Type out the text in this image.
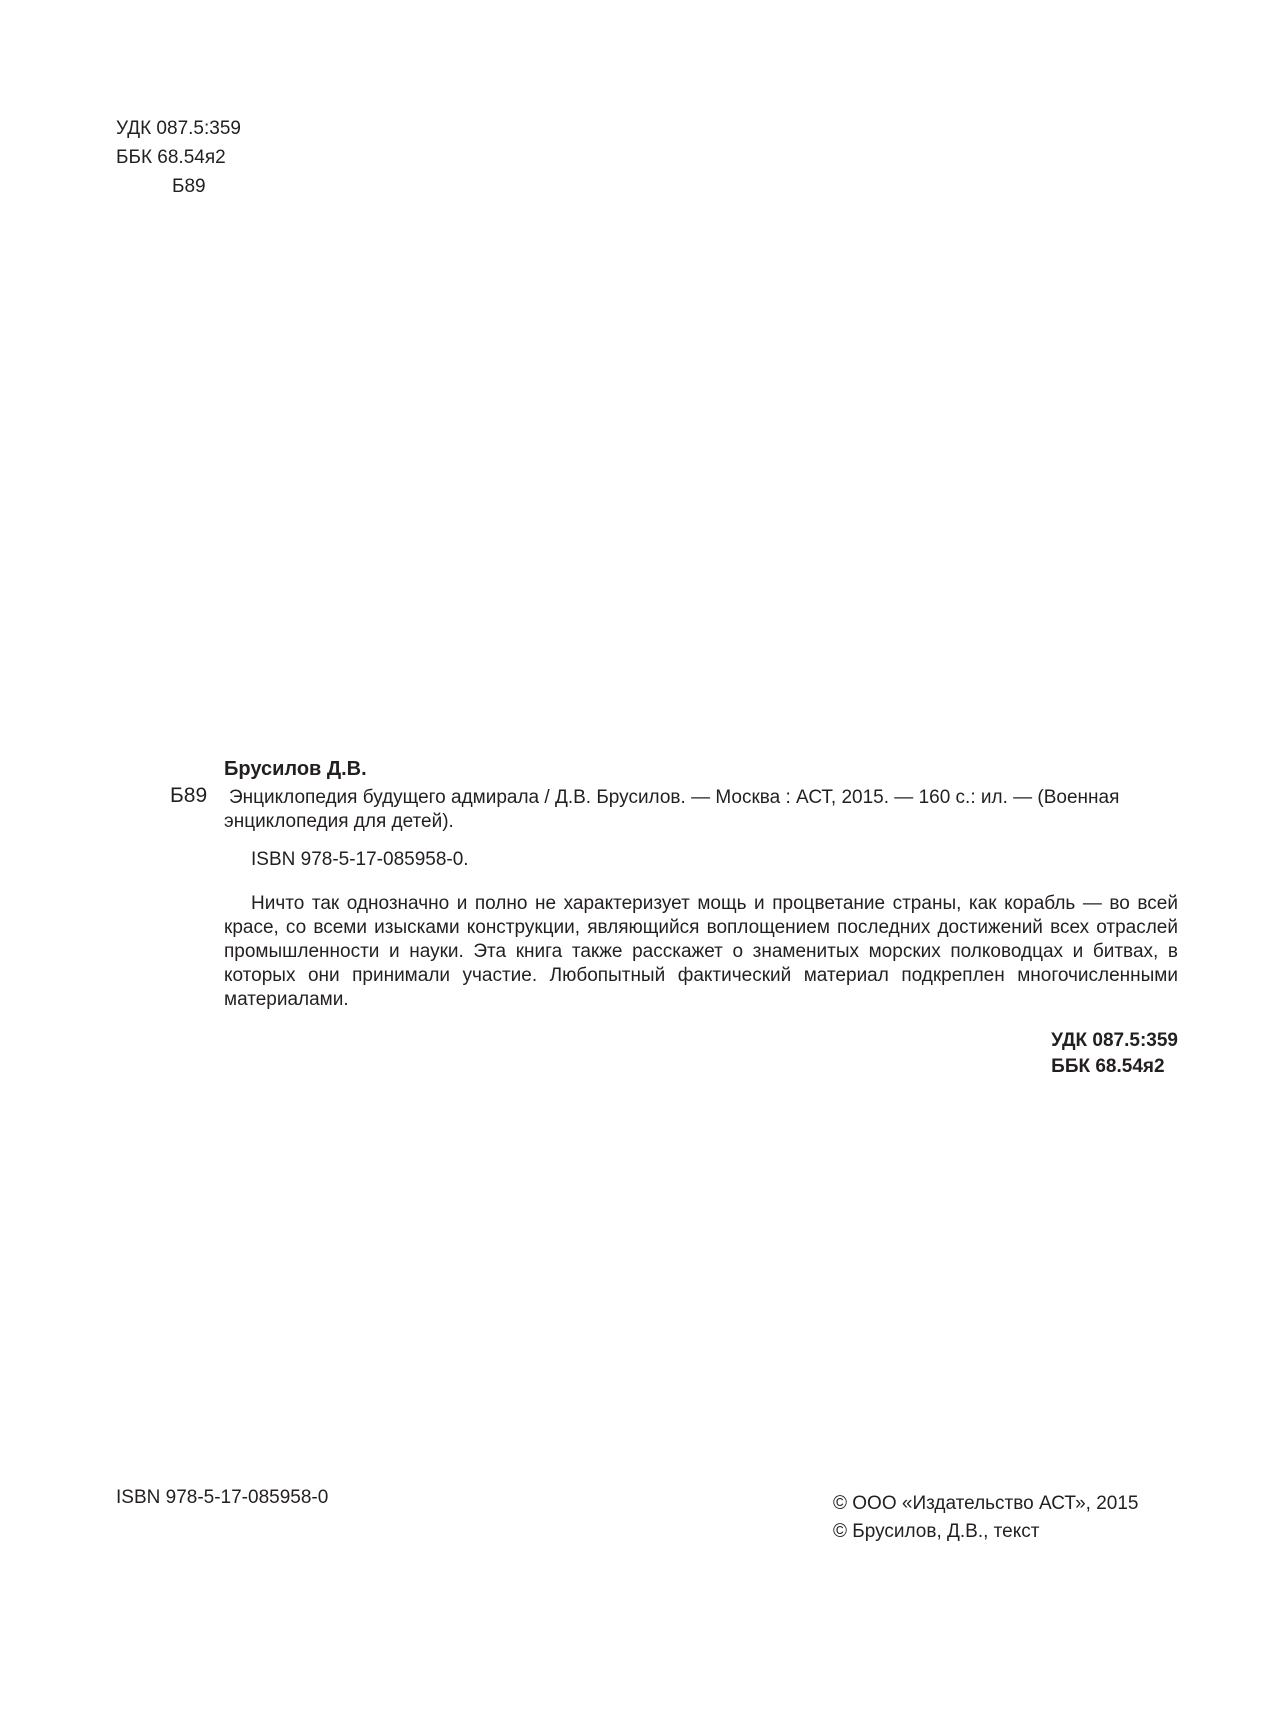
УДК 087.5:359
ББК 68.54я2
Б89
Б89
Брусилов Д.В.
Энциклопедия будущего адмирала / Д.В. Брусилов. — Москва : АСТ, 2015. — 160 с.: ил. — (Военная энциклопедия для детей).
ISBN 978-5-17-085958-0.

Ничто так однозначно и полно не характеризует мощь и процветание страны, как корабль — во всей красе, со всеми изысками конструкции, являющийся воплощением последних достижений всех отраслей промышленности и науки. Эта книга также расскажет о знаменитых морских полководцах и битвах, в которых они принимали участие. Любопытный фактический материал подкреплен многочисленными материалами.

УДК 087.5:359
ББК 68.54я2
ISBN 978-5-17-085958-0	© ООО «Издательство АСТ», 2015
© Брусилов, Д.В., текст
